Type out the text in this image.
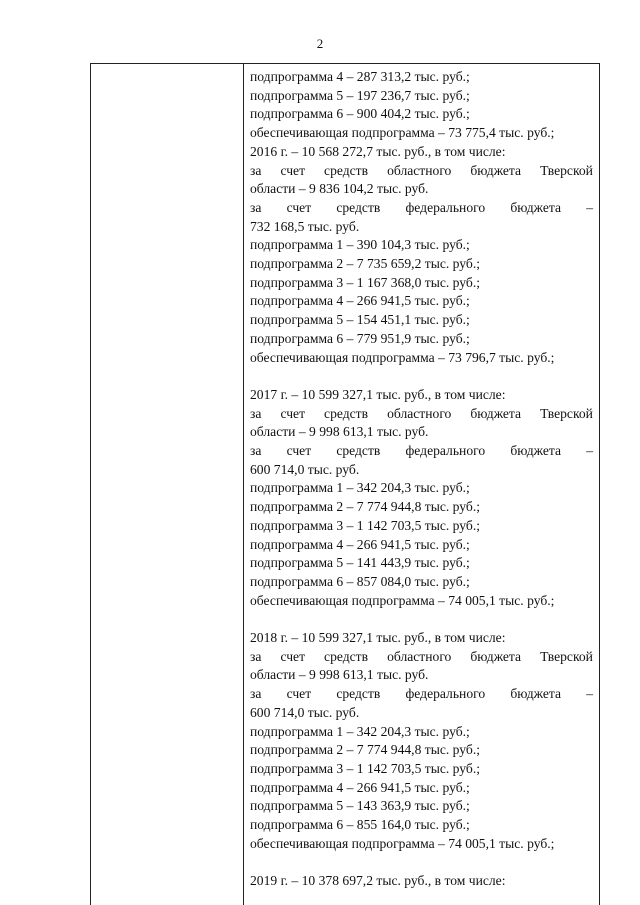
2
подпрограмма 4 – 287 313,2 тыс. руб.;
подпрограмма 5 – 197 236,7 тыс. руб.;
подпрограмма 6 – 900 404,2 тыс. руб.;
обеспечивающая подпрограмма – 73 775,4 тыс. руб.;
2016 г. – 10 568 272,7 тыс. руб., в том числе:
за счет средств областного бюджета Тверской
области – 9 836 104,2 тыс. руб.
за счет средств федерального бюджета –
732 168,5 тыс. руб.
подпрограмма 1 – 390 104,3 тыс. руб.;
подпрограмма 2 – 7 735 659,2 тыс. руб.;
подпрограмма 3 – 1 167 368,0 тыс. руб.;
подпрограмма 4 – 266 941,5 тыс. руб.;
подпрограмма 5 – 154 451,1 тыс. руб.;
подпрограмма 6 – 779 951,9 тыс. руб.;
обеспечивающая подпрограмма – 73 796,7 тыс. руб.;
2017 г. – 10 599 327,1 тыс. руб., в том числе:
за счет средств областного бюджета Тверской
области – 9 998 613,1 тыс. руб.
за счет средств федерального бюджета –
600 714,0 тыс. руб.
подпрограмма 1 – 342 204,3 тыс. руб.;
подпрограмма 2 – 7 774 944,8 тыс. руб.;
подпрограмма 3 – 1 142 703,5 тыс. руб.;
подпрограмма 4 – 266 941,5 тыс. руб.;
подпрограмма 5 – 141 443,9 тыс. руб.;
подпрограмма 6 – 857 084,0 тыс. руб.;
обеспечивающая подпрограмма – 74 005,1 тыс. руб.;
2018 г. – 10 599 327,1 тыс. руб., в том числе:
за счет средств областного бюджета Тверской
области – 9 998 613,1 тыс. руб.
за счет средств федерального бюджета –
600 714,0 тыс. руб.
подпрограмма 1 – 342 204,3 тыс. руб.;
подпрограмма 2 – 7 774 944,8 тыс. руб.;
подпрограмма 3 – 1 142 703,5 тыс. руб.;
подпрограмма 4 – 266 941,5 тыс. руб.;
подпрограмма 5 – 143 363,9 тыс. руб.;
подпрограмма 6 – 855 164,0 тыс. руб.;
обеспечивающая подпрограмма – 74 005,1 тыс. руб.;
2019 г. – 10 378 697,2 тыс. руб., в том числе:
